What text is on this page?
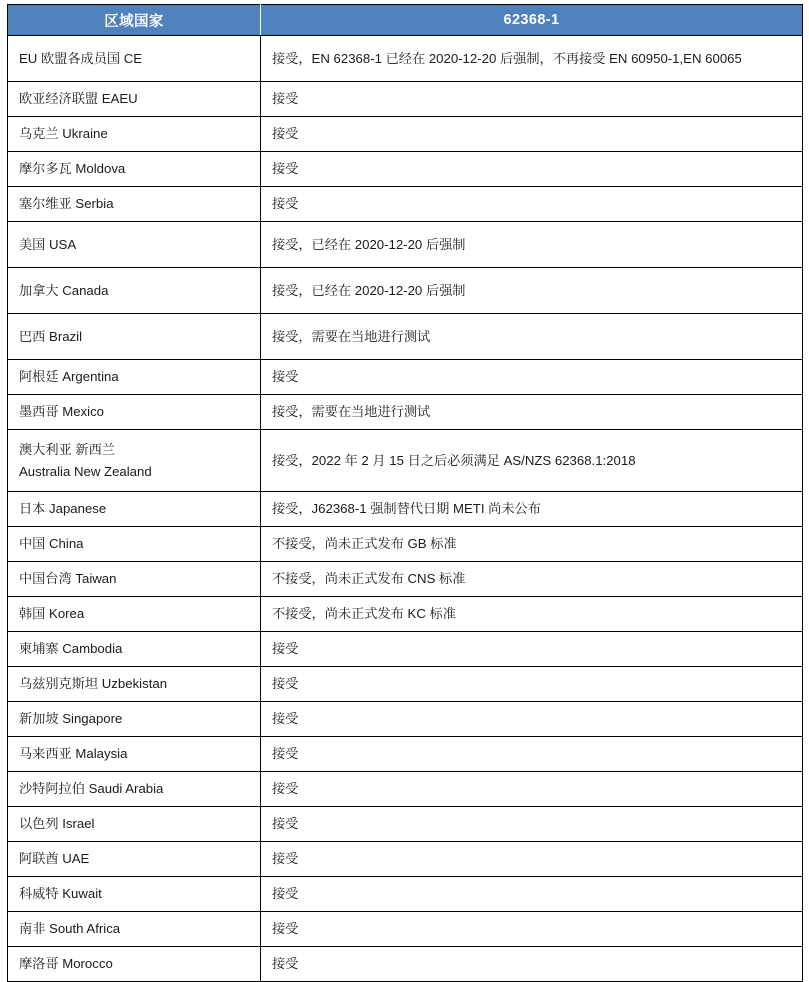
区域国家	62368-1
EU 欧盟各成员国 CE	接受，EN 62368-1 已经在 2020-12-20 后强制，不再接受 EN 60950-1,EN 60065
欧亚经济联盟 EAEU	接受
乌克兰 Ukraine	接受
摩尔多瓦 Moldova	接受
塞尔维亚 Serbia	接受
美国 USA	接受，已经在 2020-12-20 后强制
加拿大 Canada	接受，已经在 2020-12-20 后强制
巴西 Brazil	接受，需要在当地进行测试
阿根廷 Argentina	接受
墨西哥 Mexico	接受，需要在当地进行测试
澳大利亚 新西兰
Australia New Zealand	接受，2022 年 2 月 15 日之后必须满足 AS/NZS 62368.1:2018
日本 Japanese	接受，J62368-1 强制替代日期 METI 尚未公布
中国 China	不接受，尚未正式发布 GB 标准
中国台湾 Taiwan	不接受，尚未正式发布 CNS 标准
韩国 Korea	不接受，尚未正式发布 KC 标准
柬埔寨 Cambodia	接受
乌兹别克斯坦 Uzbekistan	接受
新加坡 Singapore	接受
马来西亚 Malaysia	接受
沙特阿拉伯 Saudi Arabia	接受
以色列 Israel	接受
阿联酋 UAE	接受
科威特 Kuwait	接受
南非 South Africa	接受
摩洛哥 Morocco	接受
